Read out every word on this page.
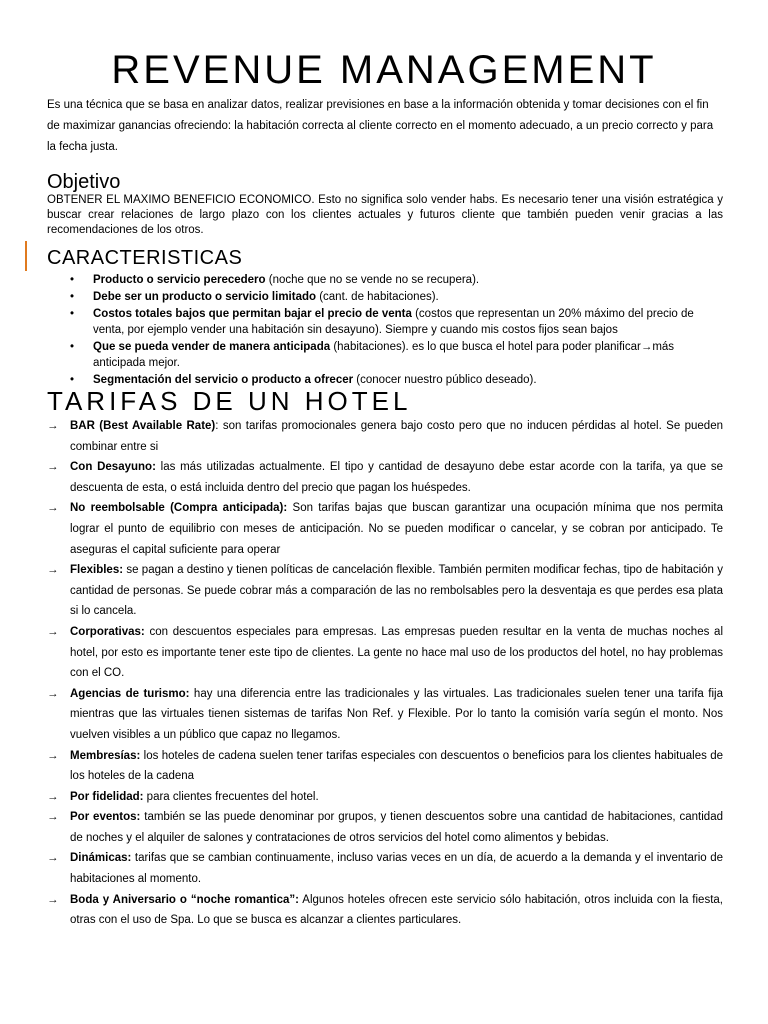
REVENUE MANAGEMENT

Es una técnica que se basa en analizar datos, realizar previsiones en base a la información obtenida y tomar decisiones con el fin de maximizar ganancias ofreciendo: la habitación correcta al cliente correcto en el momento adecuado, a un precio correcto y para la fecha justa.

Objetivo

OBTENER EL MAXIMO BENEFICIO ECONOMICO. Esto no significa solo vender habs. Es necesario tener una visión estratégica y buscar crear relaciones de largo plazo con los clientes actuales y futuros cliente que también pueden venir gracias a las recomendaciones de los otros.

CARACTERISTICAS
• Producto o servicio perecedero (noche que no se vende no se recupera).
• Debe ser un producto o servicio limitado (cant. de habitaciones).
• Costos totales bajos que permitan bajar el precio de venta (costos que representan un 20% máximo del precio de venta, por ejemplo vender una habitación sin desayuno). Siempre y cuando mis costos fijos sean bajos
• Que se pueda vender de manera anticipada (habitaciones). es lo que busca el hotel para poder planificar→más anticipada mejor.
• Segmentación del servicio o producto a ofrecer (conocer nuestro público deseado).
TARIFAS DE UN HOTEL
→ BAR (Best Available Rate): son tarifas promocionales genera bajo costo pero que no inducen pérdidas al hotel. Se pueden combinar entre si
→ Con Desayuno: las más utilizadas actualmente. El tipo y cantidad de desayuno debe estar acorde con la tarifa, ya que se descuenta de esta, o está incluida dentro del precio que pagan los huéspedes.
→ No reembolsable (Compra anticipada): Son tarifas bajas que buscan garantizar una ocupación mínima que nos permita lograr el punto de equilibrio con meses de anticipación. No se pueden modificar o cancelar, y se cobran por anticipado. Te aseguras el capital suficiente para operar
→ Flexibles: se pagan a destino y tienen políticas de cancelación flexible. También permiten modificar fechas, tipo de habitación y cantidad de personas. Se puede cobrar más a comparación de las no rembolsables pero la desventaja es que perdes esa plata si lo cancela.
→ Corporativas: con descuentos especiales para empresas. Las empresas pueden resultar en la venta de muchas noches al hotel, por esto es importante tener este tipo de clientes. La gente no hace mal uso de los productos del hotel, no hay problemas con el CO.
→ Agencias de turismo: hay una diferencia entre las tradicionales y las virtuales. Las tradicionales suelen tener una tarifa fija mientras que las virtuales tienen sistemas de tarifas Non Ref. y Flexible. Por lo tanto la comisión varía según el monto. Nos vuelven visibles a un público que capaz no llegamos.
→ Membresías: los hoteles de cadena suelen tener tarifas especiales con descuentos o beneficios para los clientes habituales de los hoteles de la cadena
→ Por fidelidad: para clientes frecuentes del hotel.
→ Por eventos: también se las puede denominar por grupos, y tienen descuentos sobre una cantidad de habitaciones, cantidad de noches y el alquiler de salones y contrataciones de otros servicios del hotel como alimentos y bebidas.
→ Dinámicas: tarifas que se cambian continuamente, incluso varias veces en un día, de acuerdo a la demanda y el inventario de habitaciones al momento.
→ Boda y Aniversario o “noche romantica”: Algunos hoteles ofrecen este servicio sólo habitación, otros incluida con la fiesta, otras con el uso de Spa. Lo que se busca es alcanzar a clientes particulares.
